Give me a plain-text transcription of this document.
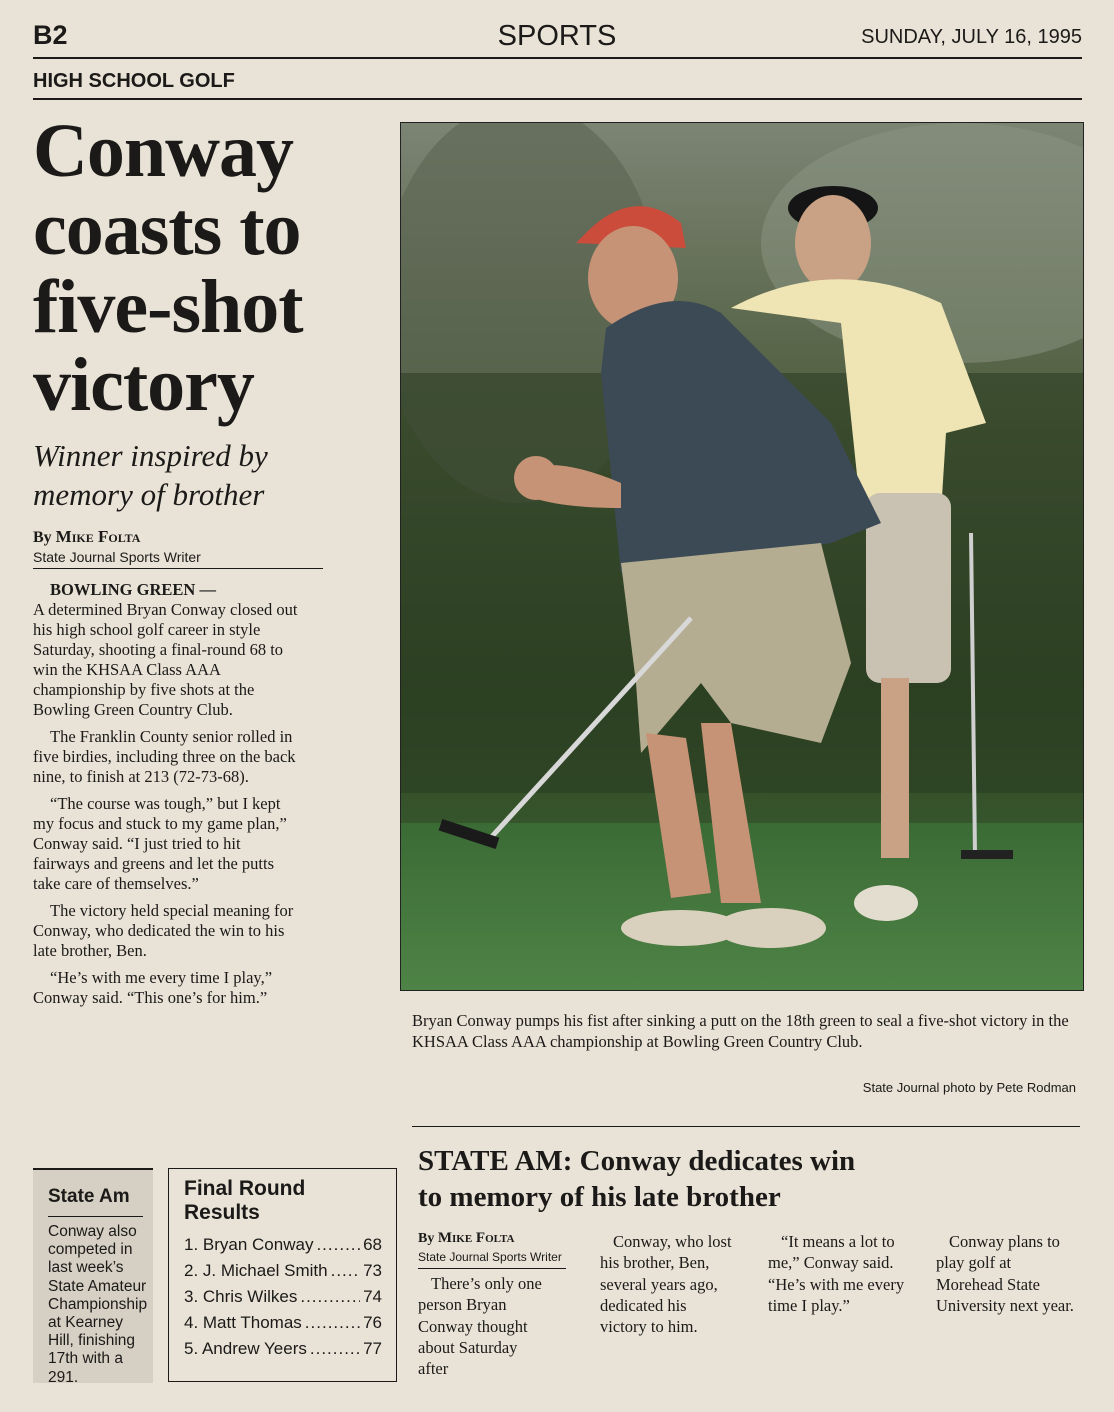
B2	SPORTS	SUNDAY, JULY 16, 1995
HIGH SCHOOL GOLF
Conway
coasts to
five-shot
victory
Winner inspired by
memory of brother
By Mike Folta
State Journal Sports Writer

BOWLING GREEN —
A determined Bryan Conway closed out his high school golf career in style Saturday, shooting a final-round 68 to win the KHSAA Class AAA championship by five shots at the Bowling Green Country Club.

The Franklin County senior rolled in five birdies, including three on the back nine, to finish at 213 (72-73-68).

“The course was tough,” but I kept my focus and stuck to my game plan,” Conway said. “I just tried to hit fairways and greens and let the putts take care of themselves.”

The victory held special meaning for Conway, who dedicated the win to his late brother, Ben.

“He’s with me every time I play,” Conway said. “This one’s for him.”

Bryan Conway pumps his fist after sinking a putt on the 18th green to seal a five-shot victory in the KHSAA Class AAA championship at Bowling Green Country Club.
State Journal photo by Pete Rodman
State Am
Conway also competed in last week’s State Amateur Championship at Kearney Hill, finishing 17th with a 291.
Final Round
Results
1. Bryan Conway .....	68
2. J. Michael Smith ..... 73
3. Chris Wilkes .....	74
4. Matt Thomas .....	76
5. Andrew Yeers .....	77
STATE AM: Conway dedicates win
to memory of his late brother
By Mike Folta
State Journal Sports Writer

There’s only one person Bryan Conway thought about Saturday after

Conway, who lost his brother, Ben, several years ago, dedicated his victory to him.

“It means a lot to me,” Conway said. “He’s with me every time I play.”

Conway plans to play golf at Morehead State University next year.
